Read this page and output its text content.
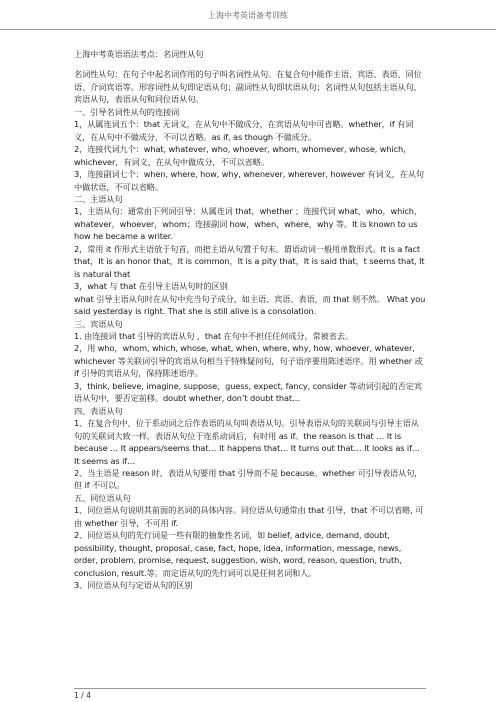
上海中考英语备考训练

上海中考英语语法考点：名词性从句

名词性从句：在句子中起名词作用的句子叫名词性从句。在复合句中能作主语、宾语、表语、同位语、介词宾语等。形容词性从句即定语从句；副词性从句即状语从句；名词性从句包括主语从句，宾语从句，表语从句和同位语从句。

一、引导名词性从句的连接词

1，从属连词五个：that 无词义，在从句中不做成分，在宾语从句中可省略。whether，if 有词义，在从句中不做成分，不可以省略。as if, as though 不做成分。

2，连接代词九个：what, whatever, who, whoever, whom, whomever, whose, which, whichever，有词义，在从句中做成分，不可以省略。

3，连接副词七个：when, where, how, why, whenever, wherever, however 有词义，在从句中做状语，不可以省略。

二、主语从句

1，主语从句：通常由下列词引导：从属连词 that，whether ；连接代词 what，who，which，whatever，whoever，whom；连接副词 how，when，where，why 等。It is known to us how he became a writer.

2，常用 it 作形式主语放于句首，而把主语从句置于句末。谓语动词一般用单数形式。It is a fact that，It is an honor that，It is common，It is a pity that，It is said that，t seems that, It is natural that

3，what 与 that 在引导主语从句时的区别

what 引导主语从句时在从句中充当句子成分，如主语、宾语、表语，而 that 则不然。 What you said yesterday is right. That she is still alive is a consolation.

三、宾语从句

1. 由连接词 that 引导的宾语从句 ，that 在句中不担任任何成分，常被省去。

2，用 who，whom, which, whose, what, when, where, why, how, whoever, whatever, whichever 等关联词引导的宾语从句相当于特殊疑问句，句子语序要用陈述语序。用 whether 或 if 引导的宾语从句，保持陈述语序。

3，think, believe, imagine, suppose，guess, expect, fancy, consider 等动词引起的否定宾语从句中，要否定前移。doubt whether, don’t doubt that…

四、表语从句

1、在复合句中，位于系动词之后作表语的从句叫表语从句。引导表语从句的关联词与引导主语从句的关联词大致一样，表语从句位于连系动词后，有时用 as if。the reason is that … It is because … It appears/seems that… It happens that… It turns out that… It looks as if… It seems as if…

2、当主语是 reason 时，表语从句要用 that 引导而不是 because。whether 可引导表语从句，但 if 不可以。

五、同位语从句

1、同位语从句说明其前面的名词的具体内容。同位语从句通常由 that 引导，that 不可以省略, 可由 whether 引导，不可用 if.

2、同位语从句的先行词是一些有限的抽象性名词，如 belief, advice, demand, doubt, possibility, thought, proposal, case, fact, hope, idea, information, message, news, order, problem, promise, request, suggestion, wish, word, reason, question, truth, conclusion, result.等。而定语从句的先行词可以是任何名词和人。

3、同位语从句与定语从句的区别

1 / 4
